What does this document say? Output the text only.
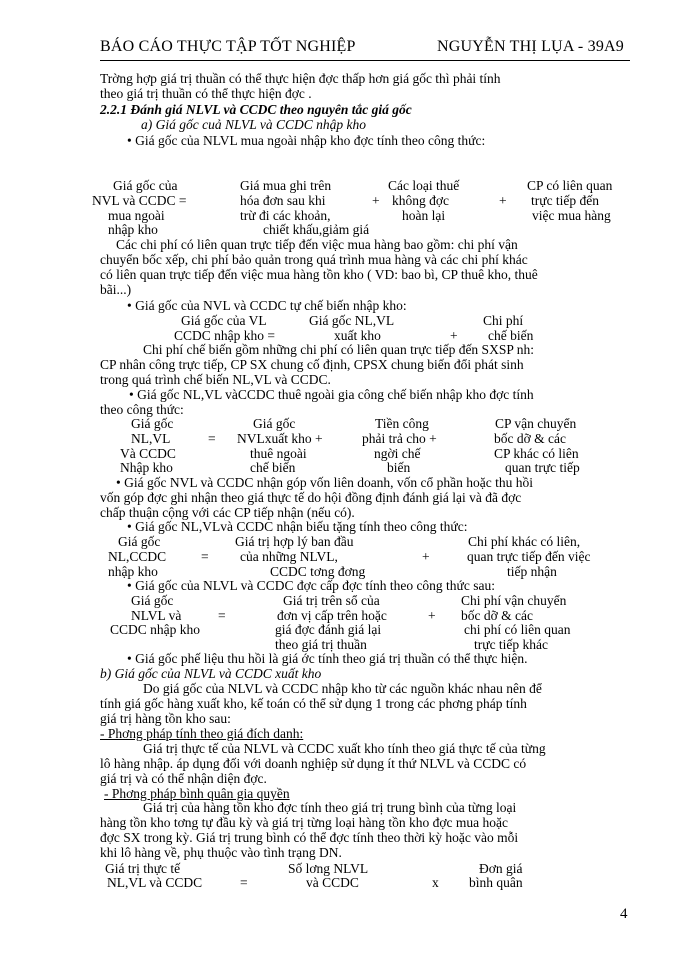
BÁO CÁO THỰC TẬP TỐT NGHIỆP	NGUYỄN THỊ LỤA - 39A9
Trờng hợp giá trị thuần có thể thực hiện đợc thấp hơn giá gốc thì phải tính
theo giá trị thuần có thể thực hiện đợc .
2.2.1 Đánh giá NLVL và CCDC theo nguyên tắc giá gốc
a) Giá gốc cuả NLVL và CCDC nhập kho
• Giá gốc của NLVL mua ngoài nhập kho đợc tính theo công thức:
Giá gốc của	Giá mua ghi trên	Các loại thuế	CP có liên quan
NVL và CCDC =	hóa đơn sau khi	+ không đợc	+ trực tiếp đến
mua ngoài	trừ đi các khoản,	hoàn lại	việc mua hàng
nhập kho	chiết khấu,giảm giá
Các chi phí có liên quan trực tiếp đến việc mua hàng bao gồm: chi phí vận
chuyển bốc xếp, chi phí bảo quản trong quá trình mua hàng và các chi phí khác
có liên quan trực tiếp đến việc mua hàng tồn kho ( VD: bao bì, CP thuê kho, thuê
bãi...)
• Giá gốc của NVL và CCDC tự chế biến nhập kho:
Giá gốc của VL	Giá gốc NL,VL	Chi phí
CCDC nhập kho =	xuất kho	+ chế biến
Chi phí chế biến gồm những chi phí có liên quan trực tiếp đến SXSP nh:
CP nhân công trực tiếp, CP SX chung cố định, CPSX chung biến đổi phát sinh
trong quá trình chế biến NL,VL và CCDC.
• Giá gốc NL,VL vàCCDC thuê ngoài gia công chế biến nhập kho đợc tính
theo công thức:
Giá gốc	Giá gốc	Tiền công	CP vận chuyển
NL,VL	= NVLxuất kho +	phải trả cho +	bốc dỡ & các
Và CCDC	thuê ngoài	ngời chế	CP khác có liên
Nhập kho	chế biến	biến	quan trực tiếp
• Giá gốc NVL và CCDC nhận góp vốn liên doanh, vốn cổ phần hoặc thu hồi
vốn góp đợc ghi nhận theo giá thực tế do hội đồng định đánh giá lại và đã đợc
chấp thuận cộng với các CP tiếp nhận (nếu có).
• Giá gốc NL,VLvà CCDC nhận biếu tặng tính theo công thức:
Giá gốc	Giá trị hợp lý ban đầu	Chi phí khác có liên,
NL,CCDC	= của những NLVL,	+	quan trực tiếp đến việc
nhập kho	CCDC tơng đơng	tiếp nhận
• Giá gốc của NLVL và CCDC đợc cấp đợc tính theo công thức sau:
Giá gốc	Giá trị trên sổ của	Chi phí vận chuyển
NLVL và	=	đơn vị cấp trên hoặc	+ bốc dỡ & các
CCDC nhập kho	giá đợc đánh giá lại	chi phí có liên quan
theo giá trị thuần	trực tiếp khác
• Giá gốc phế liệu thu hồi là giá ớc tính theo giá trị thuần có thể thực hiện.
b) Giá gốc của NLVL và CCDC xuất kho
Do giá gốc của NLVL và CCDC nhập kho từ các nguồn khác nhau nên để
tính giá gốc hàng xuất kho, kế toán có thể sử dụng 1 trong các phơng pháp tính
giá trị hàng tồn kho sau:
- Phơng pháp tính theo giá đích danh:
Giá trị thực tế của NLVL và CCDC xuất kho tính theo giá thực tế của từng
lô hàng nhập. áp dụng đối với doanh nghiệp sử dụng ít thứ NLVL và CCDC có
giá trị và có thể nhận diện đợc.
- Phơng pháp bình quân gia quyền
Giá trị của hàng tồn kho đợc tính theo giá trị trung bình của từng loại
hàng tồn kho tơng tự đầu kỳ và giá trị từng loại hàng tồn kho đợc mua hoặc
đợc SX trong kỳ. Giá trị trung bình có thể đợc tính theo thời kỳ hoặc vào mỗi
khi lô hàng về, phụ thuộc vào tình trạng DN.
Giá trị thực tế	Số lơng NLVL	Đơn giá
NL,VL và CCDC	=	và CCDC	x bình quân
4
